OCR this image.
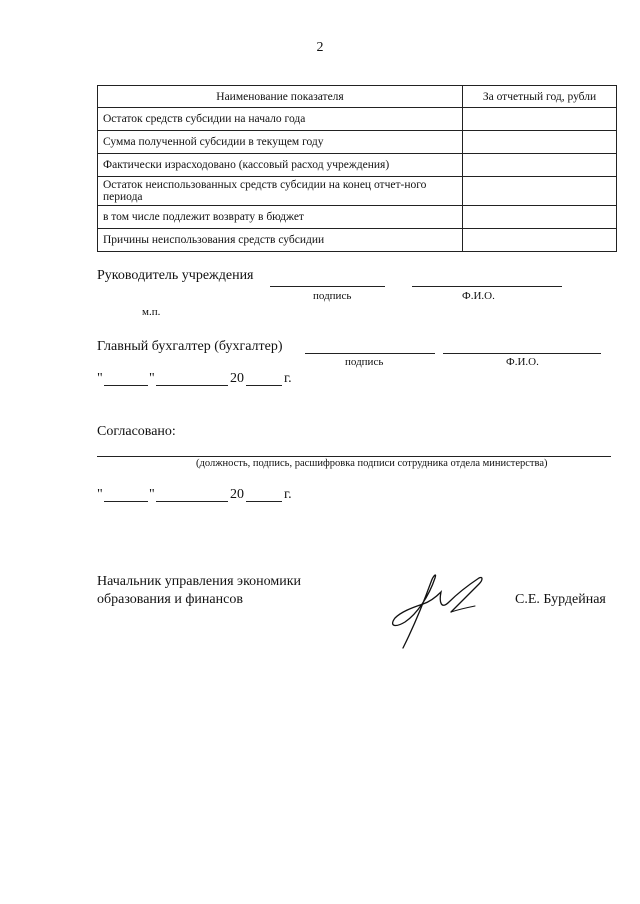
2
Наименование показателя	За отчетный год, рубли
Остаток средств субсидии на начало года	
Сумма полученной субсидии в текущем году	
Фактически израсходовано (кассовый расход учреждения)	
Остаток неиспользованных средств субсидии на конец отчет-ного периода	
в том числе подлежит возврату в бюджет	
Причины неиспользования средств субсидии	
Руководитель учреждения
подпись	Ф.И.О.
м.п.
Главный бухгалтер (бухгалтер)
подпись	Ф.И.О.
"	"	20	г.
Согласовано:
(должность, подпись, расшифровка подписи сотрудника отдела министерства)
"	"	20	г.
Начальник управления экономики
образования и финансов	С.Е. Бурдейная
